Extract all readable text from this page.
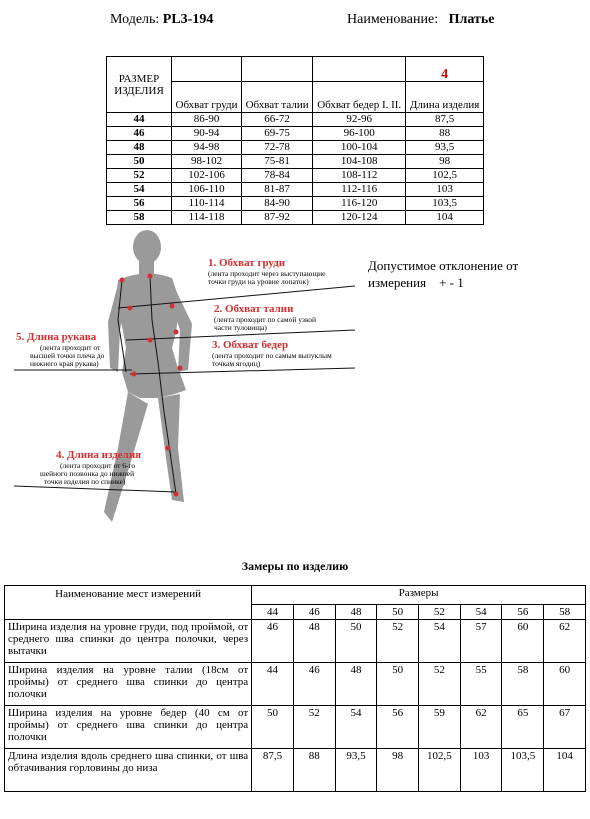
Модель: PL3-194	Наименование: Платье
РАЗМЕР ИЗДЕЛИЯ				4
	Обхват груди	Обхват талии	Обхват бедер I. II.	Длина изделия
44	86-90	66-72	92-96	87,5
46	90-94	69-75	96-100	88
48	94-98	72-78	100-104	93,5
50	98-102	75-81	104-108	98
52	102-106	78-84	108-112	102,5
54	106-110	81-87	112-116	103
56	110-114	84-90	116-120	103,5
58	114-118	87-92	120-124	104
1. Обхват груди
(лента проходит через выступающие
точки груди на уровне лопаток)
2. Обхват талии
(лента проходит по самой узкой
части туловища)
3. Обхват бедер
(лента проходит по самым выпуклым
точкам ягодиц)
5. Длина рукава
(лента проходит от
высшей точки плеча до
нижнего края рукава)
4. Длина изделия
(лента проходит от 6-го
шейного позвонка до нижней
точки изделия по спинке)
Допустимое отклонение от
измерения    + - 1
Замеры по изделию
Наименование мест измерений	Размеры							
	44	46	48	50	52	54	56	58
Ширина изделия на уровне груди, под проймой, от среднего шва спинки до центра полочки, через вытачки	46	48	50	52	54	57	60	62
Ширина изделия на уровне талии (18см от проймы) от среднего шва спинки до центра полочки	44	46	48	50	52	55	58	60
Ширина изделия на уровне бедер (40 см от проймы) от среднего шва спинки до центра полочки	50	52	54	56	59	62	65	67
Длина изделия вдоль среднего шва спинки, от шва обтачивания горловины до низа	87,5	88	93,5	98	102,5	103	103,5	104
